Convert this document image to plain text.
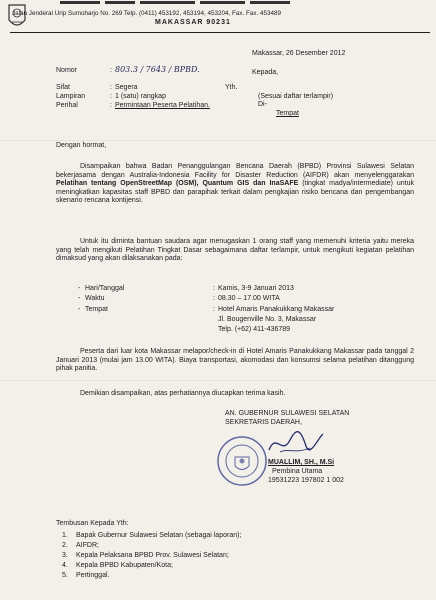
Jalan Jenderal Urip Sumoharjo No. 269 Telp. (0411) 453192, 453194, 453204, Fax. Fax. 453489
MAKASSAR 90231
Makassar, 26 Desember 2012
Kepada,
Yth.
(Sesuai daftar terlampir)
Di-
Tempat
Nomor	: 803.3 / 7643 / BPBD.
Sifat	: Segera
Lampiran	: 1 (satu) rangkap
Perihal	: Permintaan Peserta Pelatihan.
Dengan hormat,
Disampaikan bahwa Badan Penanggulangan Bencana Daerah (BPBD) Provinsi Sulawesi Selatan bekerjasama dengan Australia-Indonesia Facility for Disaster Reduction (AIFDR) akan menyelenggarakan Pelatihan tentang OpenStreetMap (OSM), Quantum GIS dan InaSAFE (tingkat madya/intermediate) untuk meningkatkan kapasitas staff BPBD dan parapihak terkait dalam pengkajian risiko bencana dan pengembangan skenario rencana kontijensi.
Untuk itu diminta bantuan saudara agar menugaskan 1 orang staff yang memenuhi kriteria yaitu mereka yang telah mengikuti Pelatihan Tingkat Dasar sebagaimana daftar terlampir, untuk mengikuti kegiatan pelatihan dimaksud yang akan dilaksanakan pada:
- Hari/Tanggal	: Kamis, 3-9 Januari 2013
- Waktu	: 08.30 – 17.00 WITA
- Tempat	: Hotel Amaris Panakukkang Makassar
Jl. Bougenville No. 3, Makassar
Telp. (+62) 411-436789
Peserta dari luar kota Makassar melapor/check-in di Hotel Amaris Panakukkang Makassar pada tanggal 2 Januari 2013 (mulai jam 13.00 WITA). Biaya transportasi, akomodasi dan konsumsi selama pelatihan ditanggung pihak panitia.
Demikian disampaikan, atas perhatiannya diucapkan terima kasih.
AN. GUBERNUR SULAWESI SELATAN
SEKRETARIS DAERAH,
MUALLIM, SH., M.Si
Pembina Utama
19531223 197802 1 002
Tembusan Kepada Yth:
1. Bapak Gubernur Sulawesi Selatan (sebagai laporan);
2. AIFDR;
3. Kepala Pelaksana BPBD Prov. Sulawesi Selatan;
4. Kepala BPBD Kabupaten/Kota;
5. Pertinggal.
